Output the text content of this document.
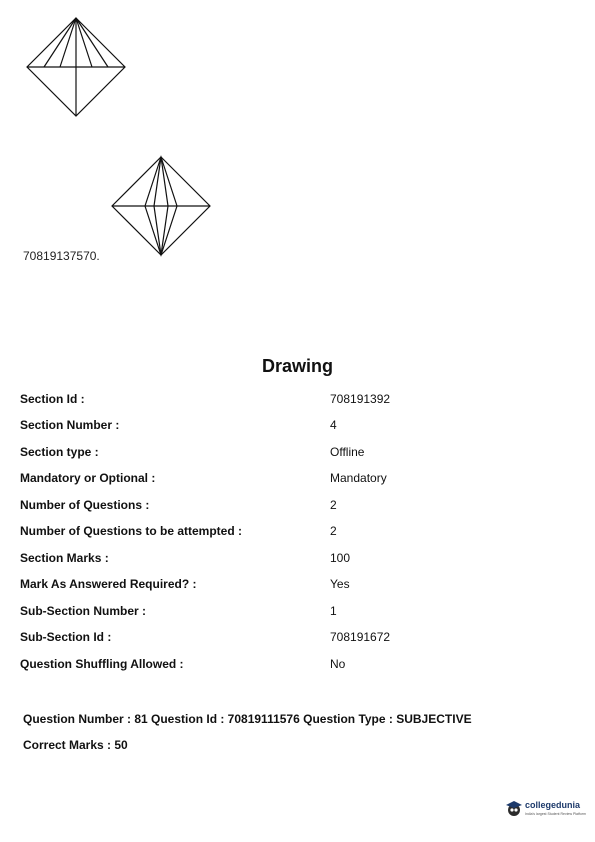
70819137570.
Drawing
Section Id :	708191392
Section Number :	4
Section type :	Offline
Mandatory or Optional :	Mandatory
Number of Questions :	2
Number of Questions to be attempted :	2
Section Marks :	100
Mark As Answered Required? :	Yes
Sub-Section Number :	1
Sub-Section Id :	708191672
Question Shuffling Allowed :	No
Question Number : 81 Question Id : 70819111576 Question Type : SUBJECTIVE
Correct Marks : 50
collegedunia
India's largest Student Review Platform
